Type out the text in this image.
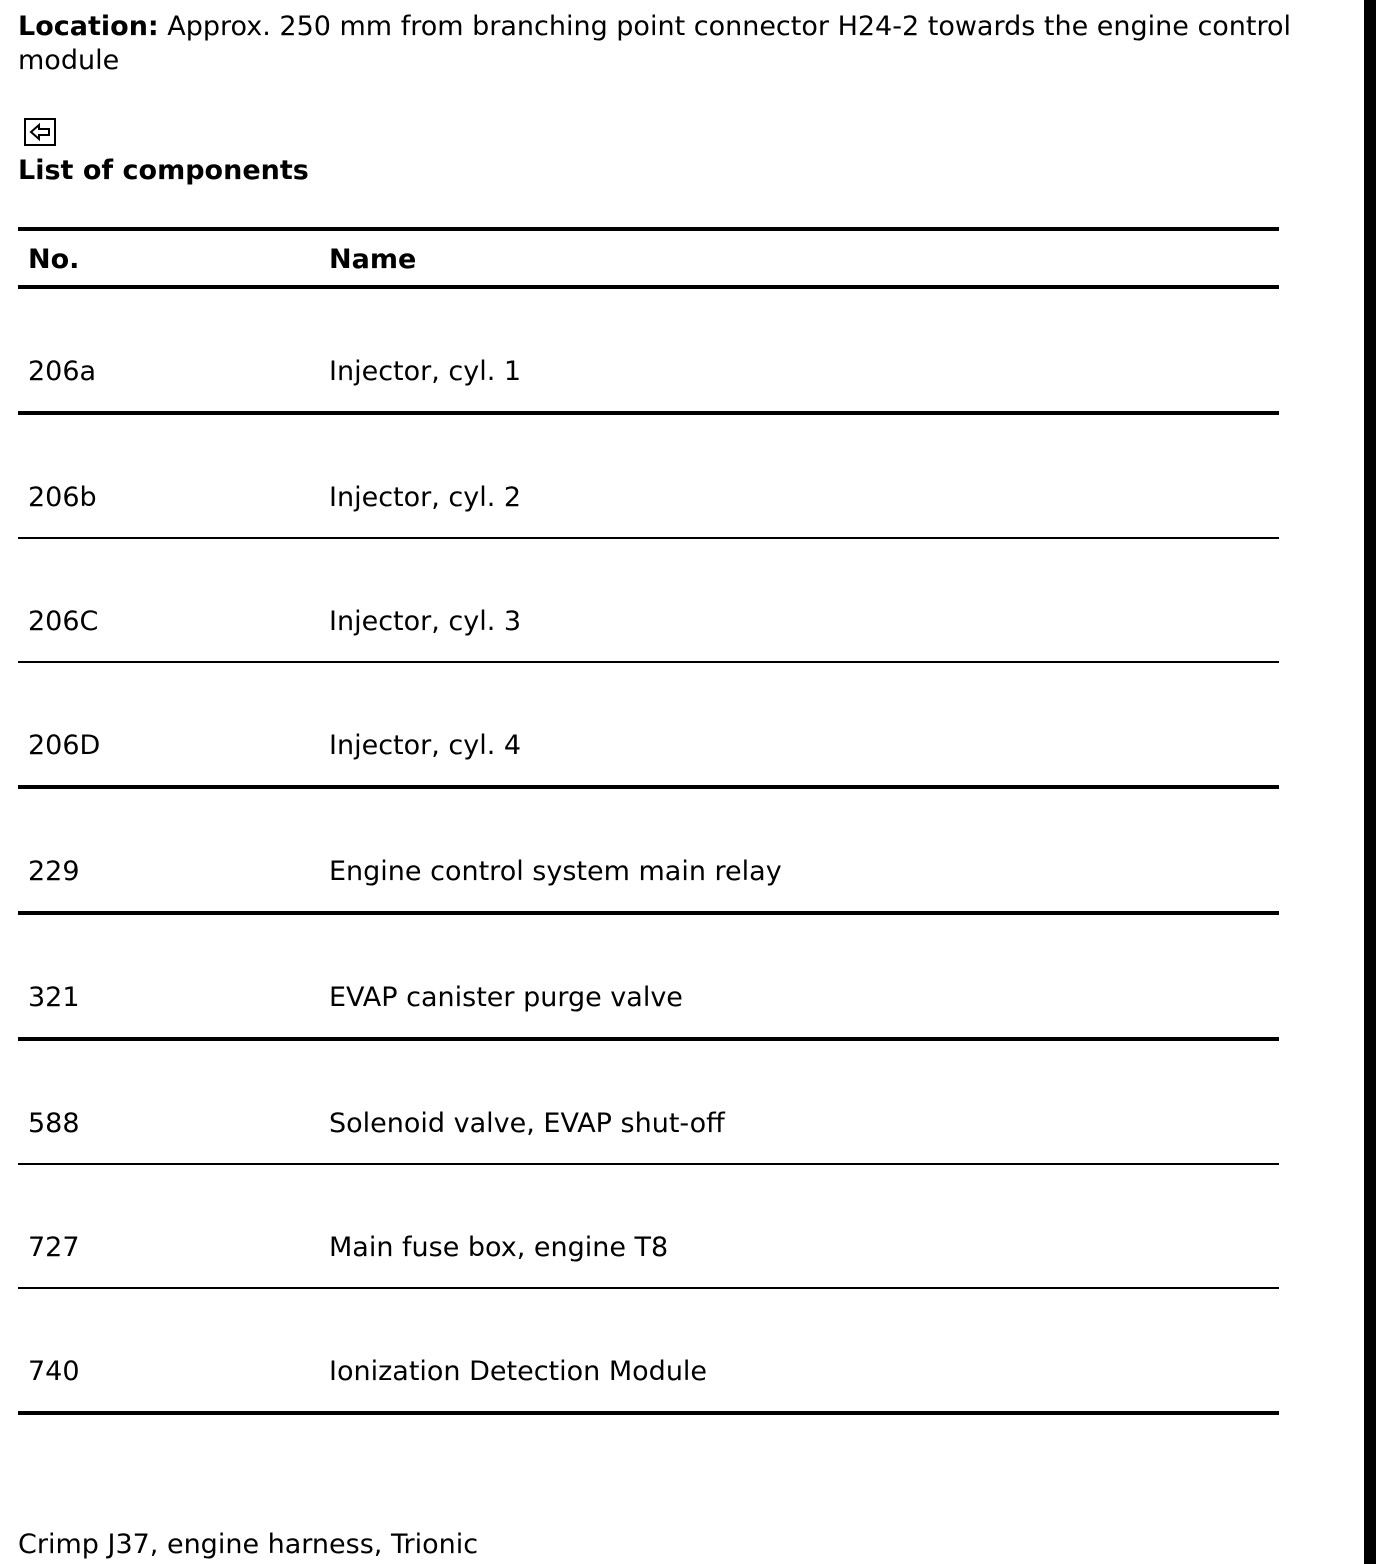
Location: Approx. 250 mm from branching point connector H24-2 towards the engine control module
List of components
No.	Name
206a	Injector, cyl. 1
206b	Injector, cyl. 2
206C	Injector, cyl. 3
206D	Injector, cyl. 4
229	Engine control system main relay
321	EVAP canister purge valve
588	Solenoid valve, EVAP shut-off
727	Main fuse box, engine T8
740	Ionization Detection Module
Crimp J37, engine harness, Trionic
